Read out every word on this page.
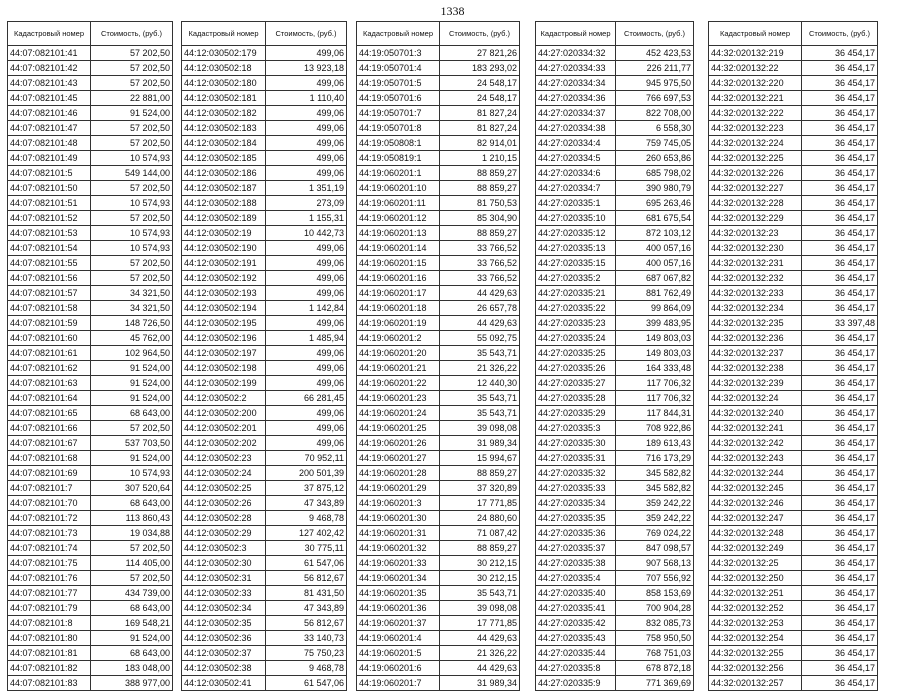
1338
Кадастровый номер	Стоимость, (руб.)
44:07:082101:41	57 202,50
44:07:082101:42	57 202,50
44:07:082101:43	57 202,50
44:07:082101:45	22 881,00
44:07:082101:46	91 524,00
44:07:082101:47	57 202,50
44:07:082101:48	57 202,50
44:07:082101:49	10 574,93
44:07:082101:5	549 144,00
44:07:082101:50	57 202,50
44:07:082101:51	10 574,93
44:07:082101:52	57 202,50
44:07:082101:53	10 574,93
44:07:082101:54	10 574,93
44:07:082101:55	57 202,50
44:07:082101:56	57 202,50
44:07:082101:57	34 321,50
44:07:082101:58	34 321,50
44:07:082101:59	148 726,50
44:07:082101:60	45 762,00
44:07:082101:61	102 964,50
44:07:082101:62	91 524,00
44:07:082101:63	91 524,00
44:07:082101:64	91 524,00
44:07:082101:65	68 643,00
44:07:082101:66	57 202,50
44:07:082101:67	537 703,50
44:07:082101:68	91 524,00
44:07:082101:69	10 574,93
44:07:082101:7	307 520,64
44:07:082101:70	68 643,00
44:07:082101:72	113 860,43
44:07:082101:73	19 034,88
44:07:082101:74	57 202,50
44:07:082101:75	114 405,00
44:07:082101:76	57 202,50
44:07:082101:77	434 739,00
44:07:082101:79	68 643,00
44:07:082101:8	169 548,21
44:07:082101:80	91 524,00
44:07:082101:81	68 643,00
44:07:082101:82	183 048,00
44:07:082101:83	388 977,00
Кадастровый номер	Стоимость, (руб.)
44:12:030502:179	499,06
44:12:030502:18	13 923,18
44:12:030502:180	499,06
44:12:030502:181	1 110,40
44:12:030502:182	499,06
44:12:030502:183	499,06
44:12:030502:184	499,06
44:12:030502:185	499,06
44:12:030502:186	499,06
44:12:030502:187	1 351,19
44:12:030502:188	273,09
44:12:030502:189	1 155,31
44:12:030502:19	10 442,73
44:12:030502:190	499,06
44:12:030502:191	499,06
44:12:030502:192	499,06
44:12:030502:193	499,06
44:12:030502:194	1 142,84
44:12:030502:195	499,06
44:12:030502:196	1 485,94
44:12:030502:197	499,06
44:12:030502:198	499,06
44:12:030502:199	499,06
44:12:030502:2	66 281,45
44:12:030502:200	499,06
44:12:030502:201	499,06
44:12:030502:202	499,06
44:12:030502:23	70 952,11
44:12:030502:24	200 501,39
44:12:030502:25	37 875,12
44:12:030502:26	47 343,89
44:12:030502:28	9 468,78
44:12:030502:29	127 402,42
44:12:030502:3	30 775,11
44:12:030502:30	61 547,06
44:12:030502:31	56 812,67
44:12:030502:33	81 431,50
44:12:030502:34	47 343,89
44:12:030502:35	56 812,67
44:12:030502:36	33 140,73
44:12:030502:37	75 750,23
44:12:030502:38	9 468,78
44:12:030502:41	61 547,06
Кадастровый номер	Стоимость, (руб.)
44:19:050701:3	27 821,26
44:19:050701:4	183 293,02
44:19:050701:5	24 548,17
44:19:050701:6	24 548,17
44:19:050701:7	81 827,24
44:19:050701:8	81 827,24
44:19:050808:1	82 914,01
44:19:050819:1	1 210,15
44:19:060201:1	88 859,27
44:19:060201:10	88 859,27
44:19:060201:11	81 750,53
44:19:060201:12	85 304,90
44:19:060201:13	88 859,27
44:19:060201:14	33 766,52
44:19:060201:15	33 766,52
44:19:060201:16	33 766,52
44:19:060201:17	44 429,63
44:19:060201:18	26 657,78
44:19:060201:19	44 429,63
44:19:060201:2	55 092,75
44:19:060201:20	35 543,71
44:19:060201:21	21 326,22
44:19:060201:22	12 440,30
44:19:060201:23	35 543,71
44:19:060201:24	35 543,71
44:19:060201:25	39 098,08
44:19:060201:26	31 989,34
44:19:060201:27	15 994,67
44:19:060201:28	88 859,27
44:19:060201:29	37 320,89
44:19:060201:3	17 771,85
44:19:060201:30	24 880,60
44:19:060201:31	71 087,42
44:19:060201:32	88 859,27
44:19:060201:33	30 212,15
44:19:060201:34	30 212,15
44:19:060201:35	35 543,71
44:19:060201:36	39 098,08
44:19:060201:37	17 771,85
44:19:060201:4	44 429,63
44:19:060201:5	21 326,22
44:19:060201:6	44 429,63
44:19:060201:7	31 989,34
Кадастровый номер	Стоимость, (руб.)
44:27:020334:32	452 423,53
44:27:020334:33	226 211,77
44:27:020334:34	945 975,50
44:27:020334:36	766 697,53
44:27:020334:37	822 708,00
44:27:020334:38	6 558,30
44:27:020334:4	759 745,05
44:27:020334:5	260 653,86
44:27:020334:6	685 798,02
44:27:020334:7	390 980,79
44:27:020335:1	695 263,46
44:27:020335:10	681 675,54
44:27:020335:12	872 103,12
44:27:020335:13	400 057,16
44:27:020335:15	400 057,16
44:27:020335:2	687 067,82
44:27:020335:21	881 762,49
44:27:020335:22	99 864,09
44:27:020335:23	399 483,95
44:27:020335:24	149 803,03
44:27:020335:25	149 803,03
44:27:020335:26	164 333,48
44:27:020335:27	117 706,32
44:27:020335:28	117 706,32
44:27:020335:29	117 844,31
44:27:020335:3	708 922,86
44:27:020335:30	189 613,43
44:27:020335:31	716 173,29
44:27:020335:32	345 582,82
44:27:020335:33	345 582,82
44:27:020335:34	359 242,22
44:27:020335:35	359 242,22
44:27:020335:36	769 024,22
44:27:020335:37	847 098,57
44:27:020335:38	907 568,13
44:27:020335:4	707 556,92
44:27:020335:40	858 153,69
44:27:020335:41	700 904,28
44:27:020335:42	832 085,73
44:27:020335:43	758 950,50
44:27:020335:44	768 751,03
44:27:020335:8	678 872,18
44:27:020335:9	771 369,69
Кадастровый номер	Стоимость, (руб.)
44:32:020132:219	36 454,17
44:32:020132:22	36 454,17
44:32:020132:220	36 454,17
44:32:020132:221	36 454,17
44:32:020132:222	36 454,17
44:32:020132:223	36 454,17
44:32:020132:224	36 454,17
44:32:020132:225	36 454,17
44:32:020132:226	36 454,17
44:32:020132:227	36 454,17
44:32:020132:228	36 454,17
44:32:020132:229	36 454,17
44:32:020132:23	36 454,17
44:32:020132:230	36 454,17
44:32:020132:231	36 454,17
44:32:020132:232	36 454,17
44:32:020132:233	36 454,17
44:32:020132:234	36 454,17
44:32:020132:235	33 397,48
44:32:020132:236	36 454,17
44:32:020132:237	36 454,17
44:32:020132:238	36 454,17
44:32:020132:239	36 454,17
44:32:020132:24	36 454,17
44:32:020132:240	36 454,17
44:32:020132:241	36 454,17
44:32:020132:242	36 454,17
44:32:020132:243	36 454,17
44:32:020132:244	36 454,17
44:32:020132:245	36 454,17
44:32:020132:246	36 454,17
44:32:020132:247	36 454,17
44:32:020132:248	36 454,17
44:32:020132:249	36 454,17
44:32:020132:25	36 454,17
44:32:020132:250	36 454,17
44:32:020132:251	36 454,17
44:32:020132:252	36 454,17
44:32:020132:253	36 454,17
44:32:020132:254	36 454,17
44:32:020132:255	36 454,17
44:32:020132:256	36 454,17
44:32:020132:257	36 454,17
